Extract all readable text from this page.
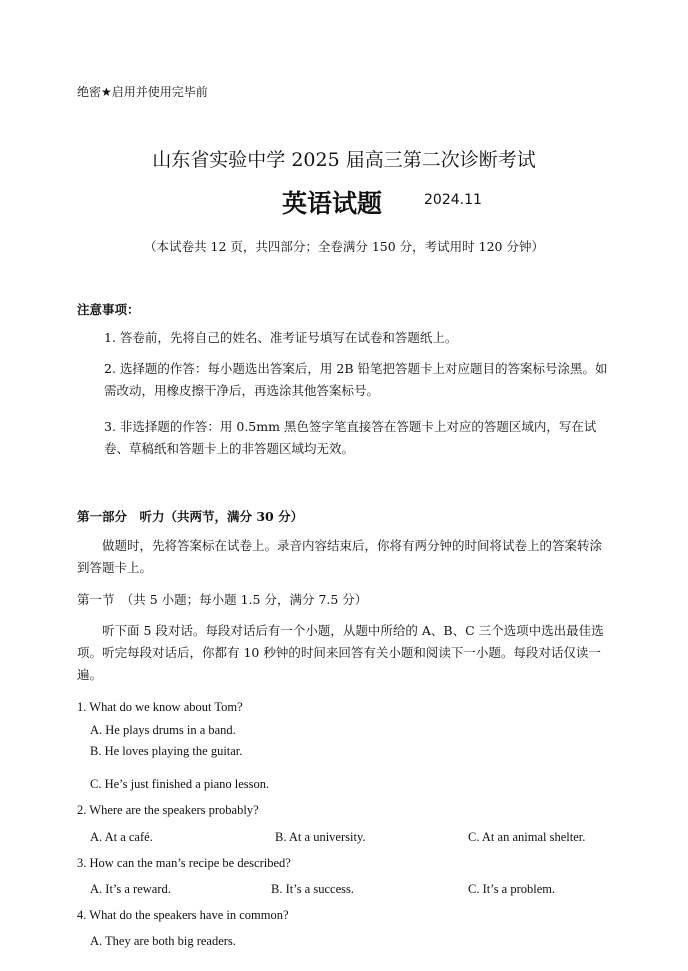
绝密★启用并使用完毕前
山东省实验中学 2025 届高三第二次诊断考试
英语试题	2024.11
（本试卷共 12 页，共四部分；全卷满分 150 分，考试用时 120 分钟）
注意事项：
1. 答卷前，先将自己的姓名、准考证号填写在试卷和答题纸上。
2. 选择题的作答：每小题选出答案后，用 2B 铅笔把答题卡上对应题目的答案标号涂黑。如需改动，用橡皮擦干净后，再选涂其他答案标号。
3. 非选择题的作答：用 0.5mm 黑色签字笔直接答在答题卡上对应的答题区域内，写在试卷、草稿纸和答题卡上的非答题区域均无效。
第一部分　听力（共两节，满分 30 分）
做题时，先将答案标在试卷上。录音内容结束后，你将有两分钟的时间将试卷上的答案转涂到答题卡上。
第一节　（共 5 小题；每小题 1.5 分，满分 7.5 分）
听下面 5 段对话。每段对话后有一个小题，从题中所给的 A、B、C 三个选项中选出最佳选项。听完每段对话后，你都有 10 秒钟的时间来回答有关小题和阅读下一小题。每段对话仅读一遍。
1. What do we know about Tom?
A. He plays drums in a band.
B. He loves playing the guitar.
C. He’s just finished a piano lesson.
2. Where are the speakers probably?
A. At a café.	B. At a university.	C. At an animal shelter.
3. How can the man’s recipe be described?
A. It’s a reward.	B. It’s a success.	C. It’s a problem.
4. What do the speakers have in common?
A. They are both big readers.
